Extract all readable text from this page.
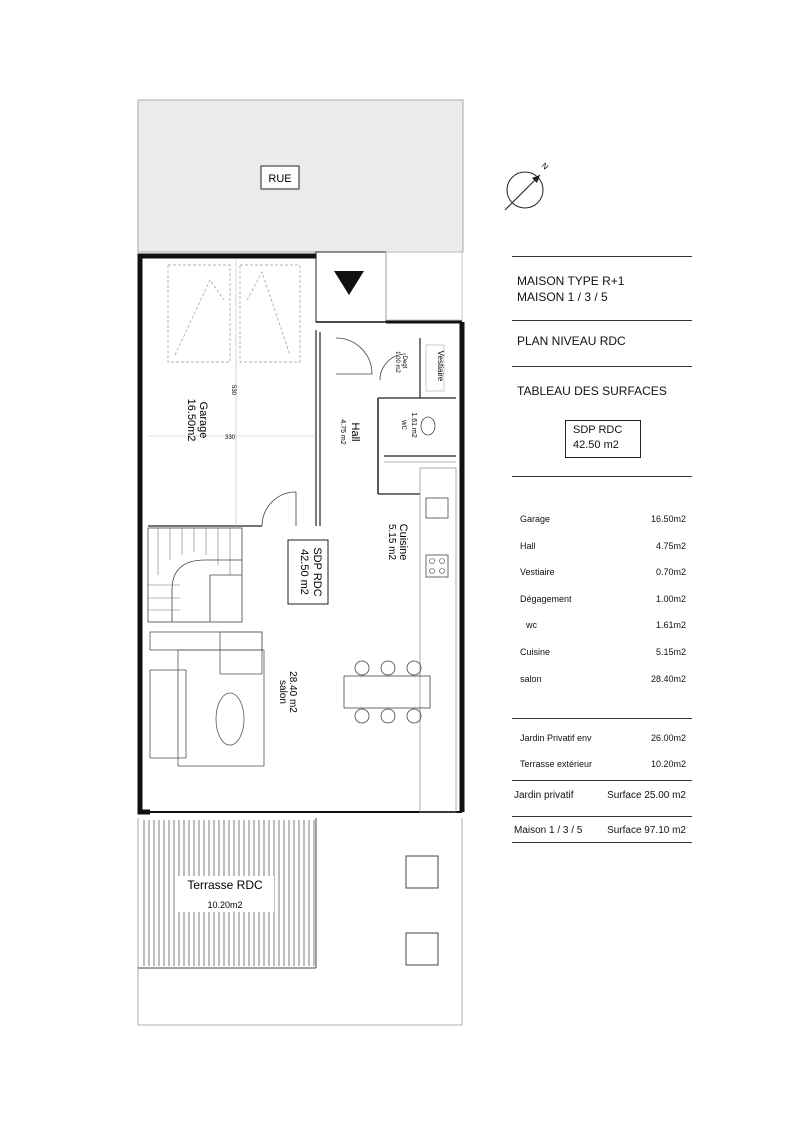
RUE
Garage
16.50m2
530
330	Hall
4.75 m2
Degt
1.00 m2	Vestiaire
1.61 m2
WC
Cuisine
5.15 m2
SDP RDC
42.50 m2
28.40 m2
salon
Terrasse RDC
10.20m2
N
MAISON TYPE R+1
MAISON 1 / 3 / 5
PLAN NIVEAU RDC
TABLEAU DES SURFACES
SDP RDC
42.50 m2
Garage	16.50m2
Hall	4.75m2
Vestiaire	0.70m2
Dégagement	1.00m2
wc	1.61m2
Cuisine	5.15m2
salon	28.40m2
Jardin Privatif env	26.00m2
Terrasse extérieur	10.20m2
Jardin privatif	Surface 25.00 m2
Maison 1 / 3 / 5 Surface 97.10 m2
